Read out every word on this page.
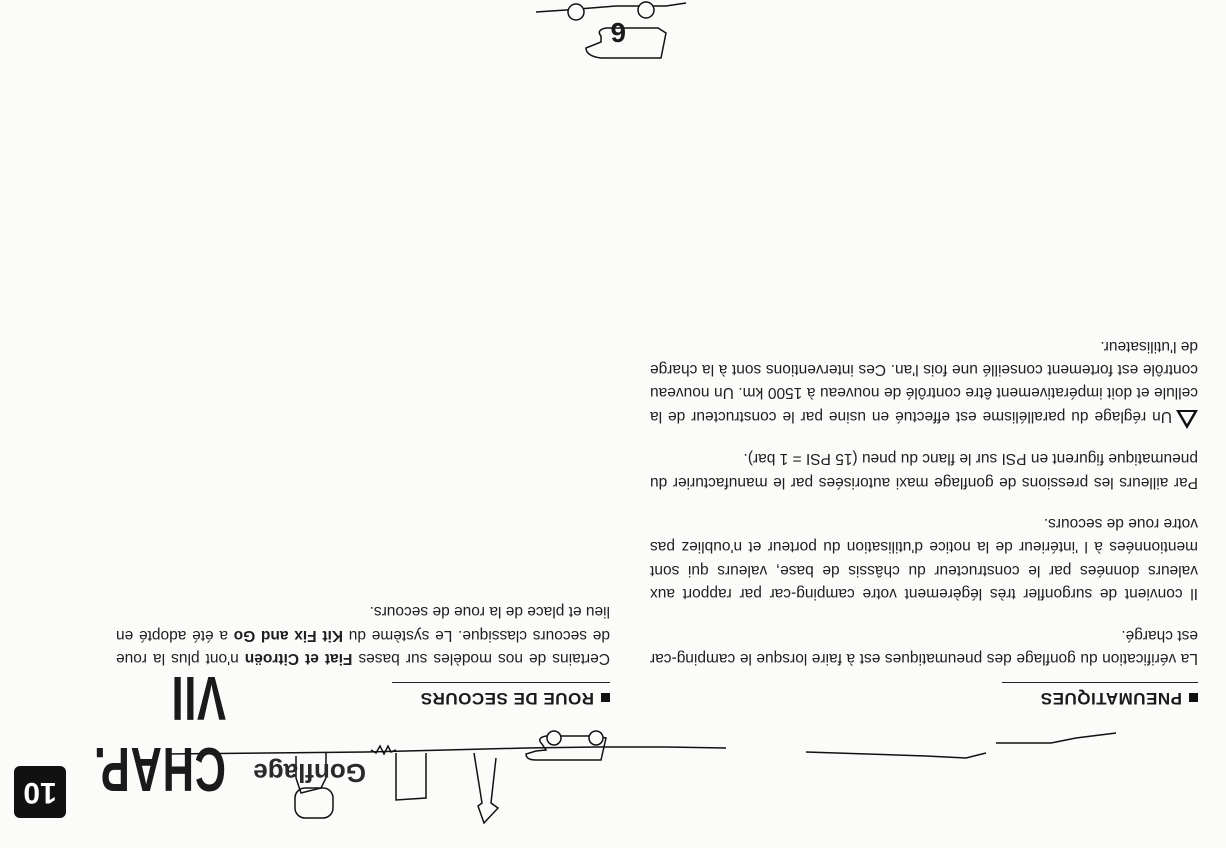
10 CHAP. VII
Gonflage
ROUE DE SECOURS

Certains de nos modèles sur bases Fiat et Citroën n'ont plus la roue de secours classique. Le système du Kit Fix and Go a été adopté en lieu et place de la roue de secours.

PNEUMATIQUES

La vérification du gonflage des pneumatiques est à faire lorsque le camping-car est chargé.

Il convient de surgonfler très légèrement votre camping-car par rapport aux valeurs données par le constructeur du châssis de base, valeurs qui sont mentionnées à l 'intérieur de la notice d'utilisation du porteur et n'oubliez pas votre roue de secours.

Par ailleurs les pressions de gonflage maxi autorisées par le manufacturier du pneumatique figurent en PSI sur le flanc du pneu (15 PSI = 1 bar).

Un réglage du parallélisme est effectué en usine par le constructeur de la cellule et doit impérativement être contrôlé de nouveau à 1500 km. Un nouveau contrôle est fortement conseillé une fois l'an. Ces interventions sont à la charge de l'utilisateur.

6
